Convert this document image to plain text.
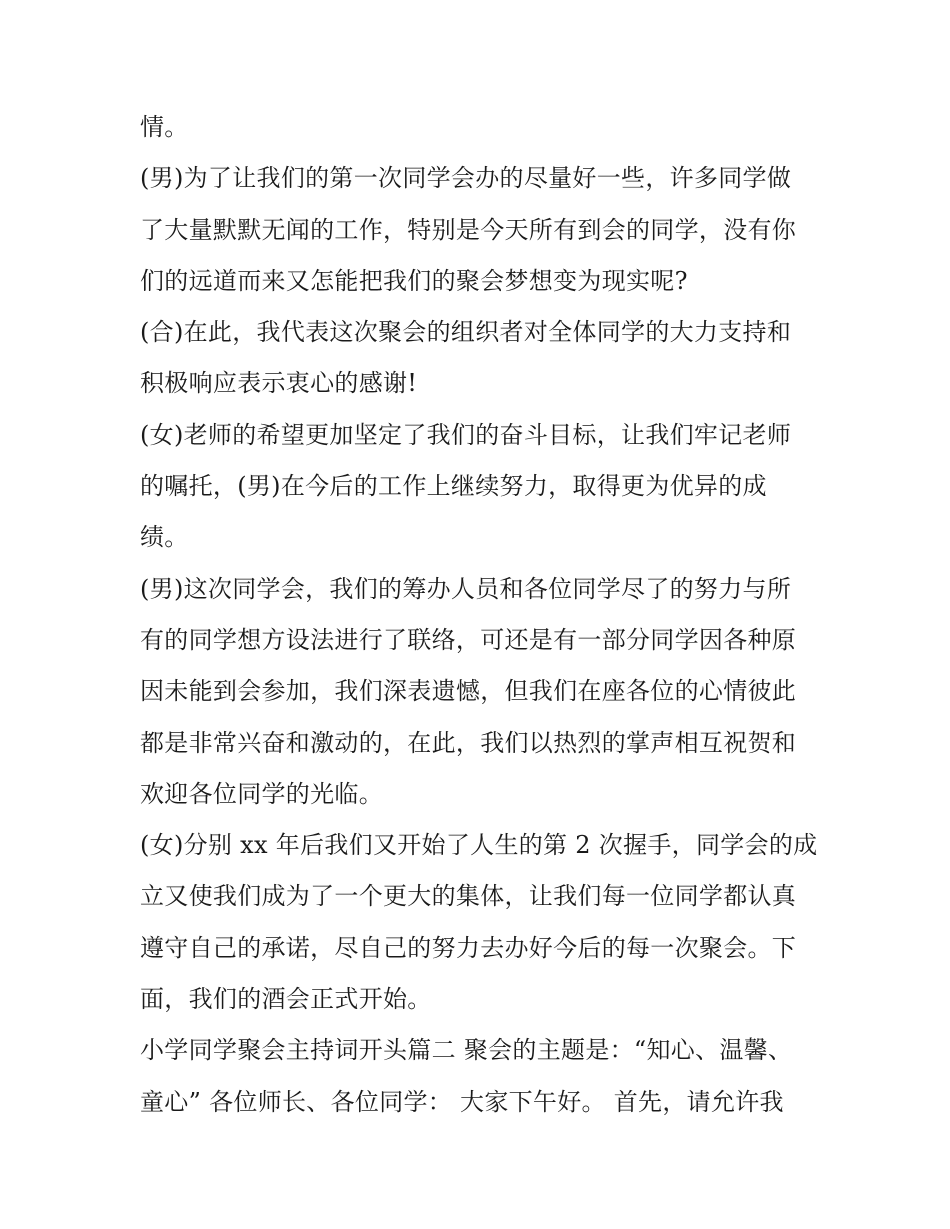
情。
(男)为了让我们的第一次同学会办的尽量好一些，许多同学做
了大量默默无闻的工作，特别是今天所有到会的同学，没有你
们的远道而来又怎能把我们的聚会梦想变为现实呢?
(合)在此，我代表这次聚会的组织者对全体同学的大力支持和
积极响应表示衷心的感谢!
(女)老师的希望更加坚定了我们的奋斗目标，让我们牢记老师
的嘱托，(男)在今后的工作上继续努力，取得更为优异的成
绩。
(男)这次同学会，我们的筹办人员和各位同学尽了的努力与所
有的同学想方设法进行了联络，可还是有一部分同学因各种原
因未能到会参加，我们深表遗憾，但我们在座各位的心情彼此
都是非常兴奋和激动的，在此，我们以热烈的掌声相互祝贺和
欢迎各位同学的光临。
(女)分别 xx 年后我们又开始了人生的第 2 次握手，同学会的成
立又使我们成为了一个更大的集体，让我们每一位同学都认真
遵守自己的承诺，尽自己的努力去办好今后的每一次聚会。下
面，我们的酒会正式开始。
小学同学聚会主持词开头篇二 聚会的主题是：“知心、温馨、
童心” 各位师长、各位同学： 大家下午好。 首先，请允许我
